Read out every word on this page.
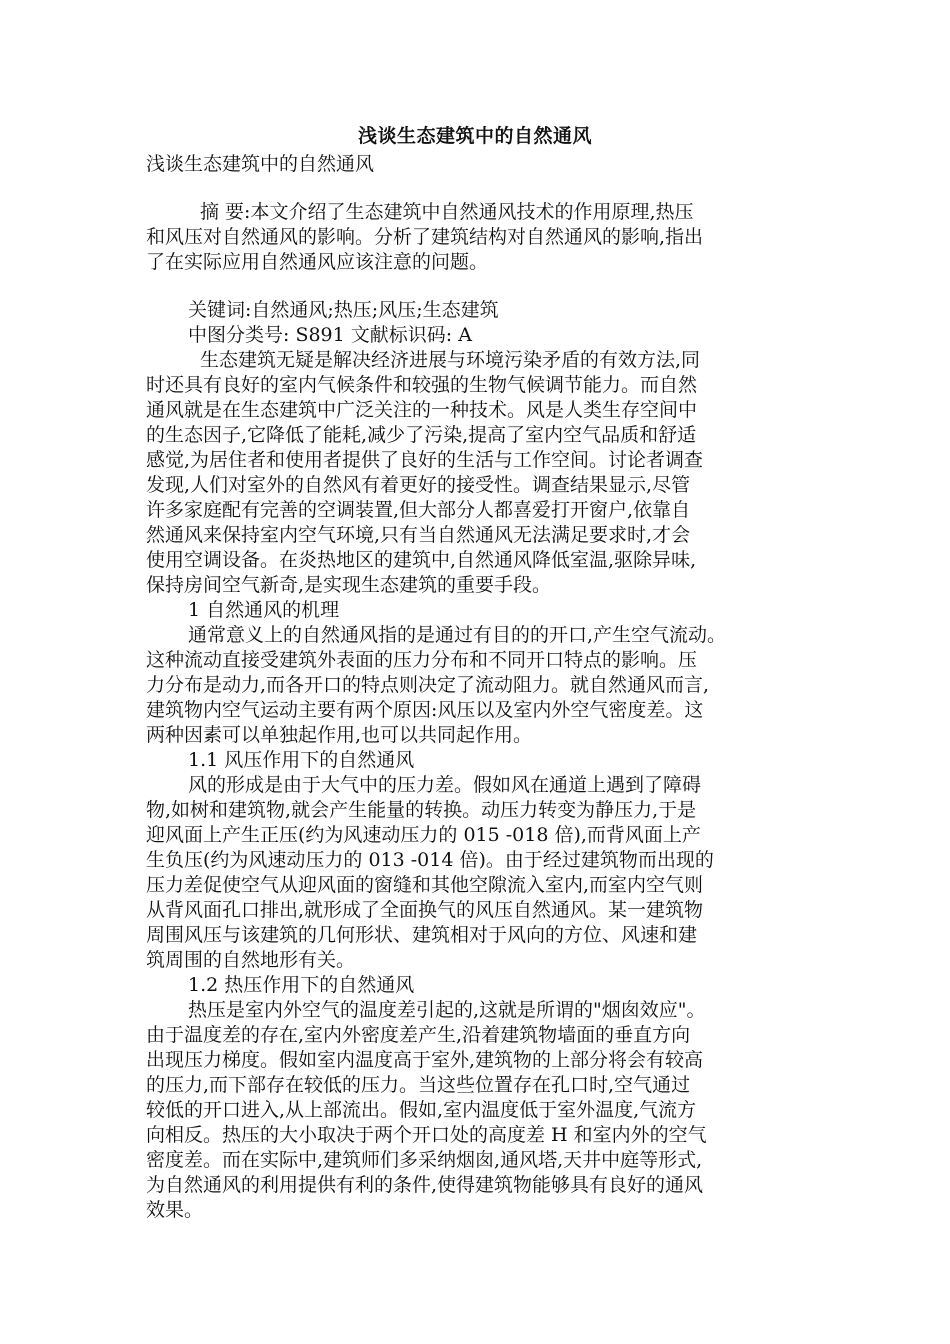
浅谈生态建筑中的自然通风
浅谈生态建筑中的自然通风
摘 要:本文介绍了生态建筑中自然通风技术的作用原理,热压
和风压对自然通风的影响。分析了建筑结构对自然通风的影响,指出
了在实际应用自然通风应该注意的问题。
关键词:自然通风;热压;风压;生态建筑
中图分类号: S891 文献标识码: A
生态建筑无疑是解决经济进展与环境污染矛盾的有效方法,同
时还具有良好的室内气候条件和较强的生物气候调节能力。而自然
通风就是在生态建筑中广泛关注的一种技术。风是人类生存空间中
的生态因子,它降低了能耗,减少了污染,提高了室内空气品质和舒适
感觉,为居住者和使用者提供了良好的生活与工作空间。讨论者调查
发现,人们对室外的自然风有着更好的接受性。调查结果显示,尽管
许多家庭配有完善的空调装置,但大部分人都喜爱打开窗户,依靠自
然通风来保持室内空气环境,只有当自然通风无法满足要求时,才会
使用空调设备。在炎热地区的建筑中,自然通风降低室温,驱除异味,
保持房间空气新奇,是实现生态建筑的重要手段。
1 自然通风的机理
通常意义上的自然通风指的是通过有目的的开口,产生空气流动。
这种流动直接受建筑外表面的压力分布和不同开口特点的影响。压
力分布是动力,而各开口的特点则决定了流动阻力。就自然通风而言,
建筑物内空气运动主要有两个原因:风压以及室内外空气密度差。这
两种因素可以单独起作用,也可以共同起作用。
1.1 风压作用下的自然通风
风的形成是由于大气中的压力差。假如风在通道上遇到了障碍
物,如树和建筑物,就会产生能量的转换。动压力转变为静压力,于是
迎风面上产生正压(约为风速动压力的 015 -018 倍),而背风面上产
生负压(约为风速动压力的 013 -014 倍)。由于经过建筑物而出现的
压力差促使空气从迎风面的窗缝和其他空隙流入室内,而室内空气则
从背风面孔口排出,就形成了全面换气的风压自然通风。某一建筑物
周围风压与该建筑的几何形状、建筑相对于风向的方位、风速和建
筑周围的自然地形有关。
1.2 热压作用下的自然通风
热压是室内外空气的温度差引起的,这就是所谓的"烟囱效应"。
由于温度差的存在,室内外密度差产生,沿着建筑物墙面的垂直方向
出现压力梯度。假如室内温度高于室外,建筑物的上部分将会有较高
的压力,而下部存在较低的压力。当这些位置存在孔口时,空气通过
较低的开口进入,从上部流出。假如,室内温度低于室外温度,气流方
向相反。热压的大小取决于两个开口处的高度差 H 和室内外的空气
密度差。而在实际中,建筑师们多采纳烟囱,通风塔,天井中庭等形式,
为自然通风的利用提供有利的条件,使得建筑物能够具有良好的通风
效果。
